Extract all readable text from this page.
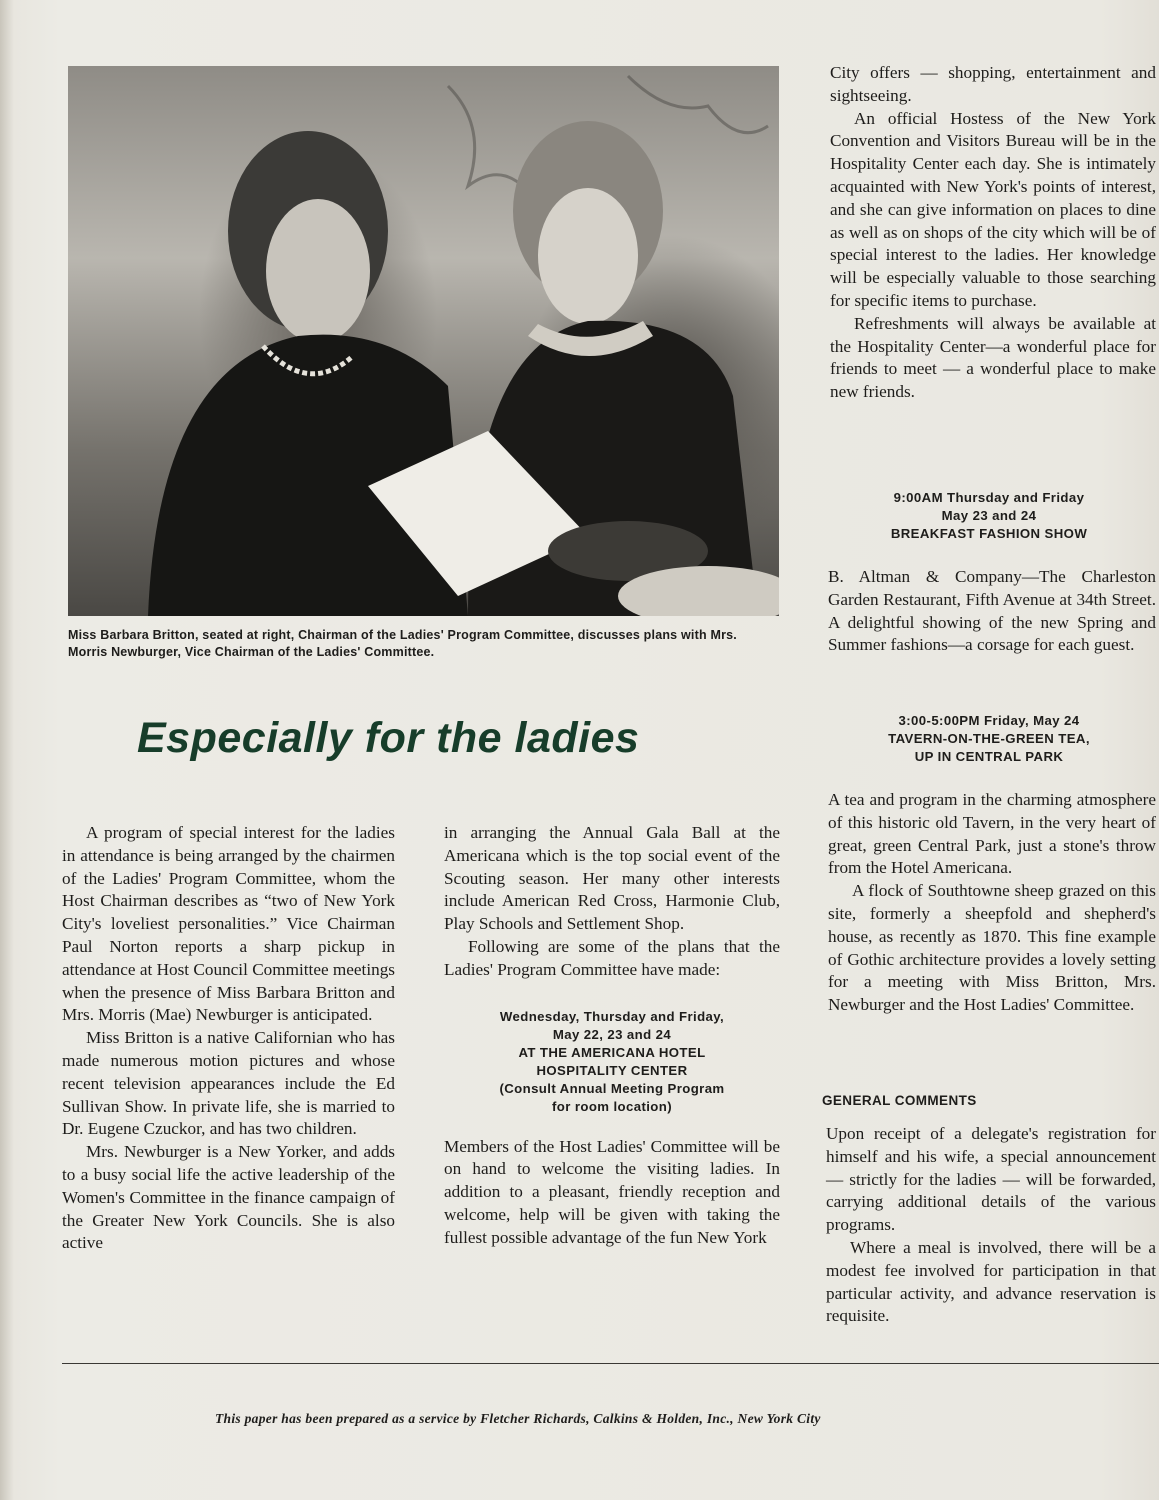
Miss Barbara Britton, seated at right, Chairman of the Ladies' Program Committee, discusses plans with Mrs. Morris Newburger, Vice Chairman of the Ladies' Committee.
Especially for the ladies

A program of special interest for the ladies in attendance is being arranged by the chairmen of the Ladies' Program Committee, whom the Host Chairman describes as “two of New York City's loveliest personalities.” Vice Chairman Paul Norton reports a sharp pickup in attendance at Host Council Committee meetings when the presence of Miss Barbara Britton and Mrs. Morris (Mae) Newburger is anticipated.

Miss Britton is a native Californian who has made numerous motion pictures and whose recent television appearances include the Ed Sullivan Show. In private life, she is married to Dr. Eugene Czuckor, and has two children.

Mrs. Newburger is a New Yorker, and adds to a busy social life the active leadership of the Women's Committee in the finance campaign of the Greater New York Councils. She is also active

in arranging the Annual Gala Ball at the Americana which is the top social event of the Scouting season. Her many other interests include American Red Cross, Harmonie Club, Play Schools and Settlement Shop.

Following are some of the plans that the Ladies' Program Committee have made:

Wednesday, Thursday and Friday,
May 22, 23 and 24
AT THE AMERICANA HOTEL
HOSPITALITY CENTER
(Consult Annual Meeting Program
for room location)

Members of the Host Ladies' Committee will be on hand to welcome the visiting ladies. In addition to a pleasant, friendly reception and welcome, help will be given with taking the fullest possible advantage of the fun New York

City offers — shopping, entertainment and sightseeing.

An official Hostess of the New York Convention and Visitors Bureau will be in the Hospitality Center each day. She is intimately acquainted with New York's points of interest, and she can give information on places to dine as well as on shops of the city which will be of special interest to the ladies. Her knowledge will be especially valuable to those searching for specific items to purchase.

Refreshments will always be available at the Hospitality Center—a wonderful place for friends to meet — a wonderful place to make new friends.

9:00AM Thursday and Friday
May 23 and 24
BREAKFAST FASHION SHOW

B. Altman & Company—The Charleston Garden Restaurant, Fifth Avenue at 34th Street. A delightful showing of the new Spring and Summer fashions—a corsage for each guest.

3:00-5:00PM Friday, May 24
TAVERN-ON-THE-GREEN TEA,
UP IN CENTRAL PARK

A tea and program in the charming atmosphere of this historic old Tavern, in the very heart of great, green Central Park, just a stone's throw from the Hotel Americana.

A flock of Southtowne sheep grazed on this site, formerly a sheepfold and shepherd's house, as recently as 1870. This fine example of Gothic architecture provides a lovely setting for a meeting with Miss Britton, Mrs. Newburger and the Host Ladies' Committee.

GENERAL COMMENTS

Upon receipt of a delegate's registration for himself and his wife, a special announcement — strictly for the ladies — will be forwarded, carrying additional details of the various programs.

Where a meal is involved, there will be a modest fee involved for participation in that particular activity, and advance reservation is requisite.

This paper has been prepared as a service by Fletcher Richards, Calkins & Holden, Inc., New York City
